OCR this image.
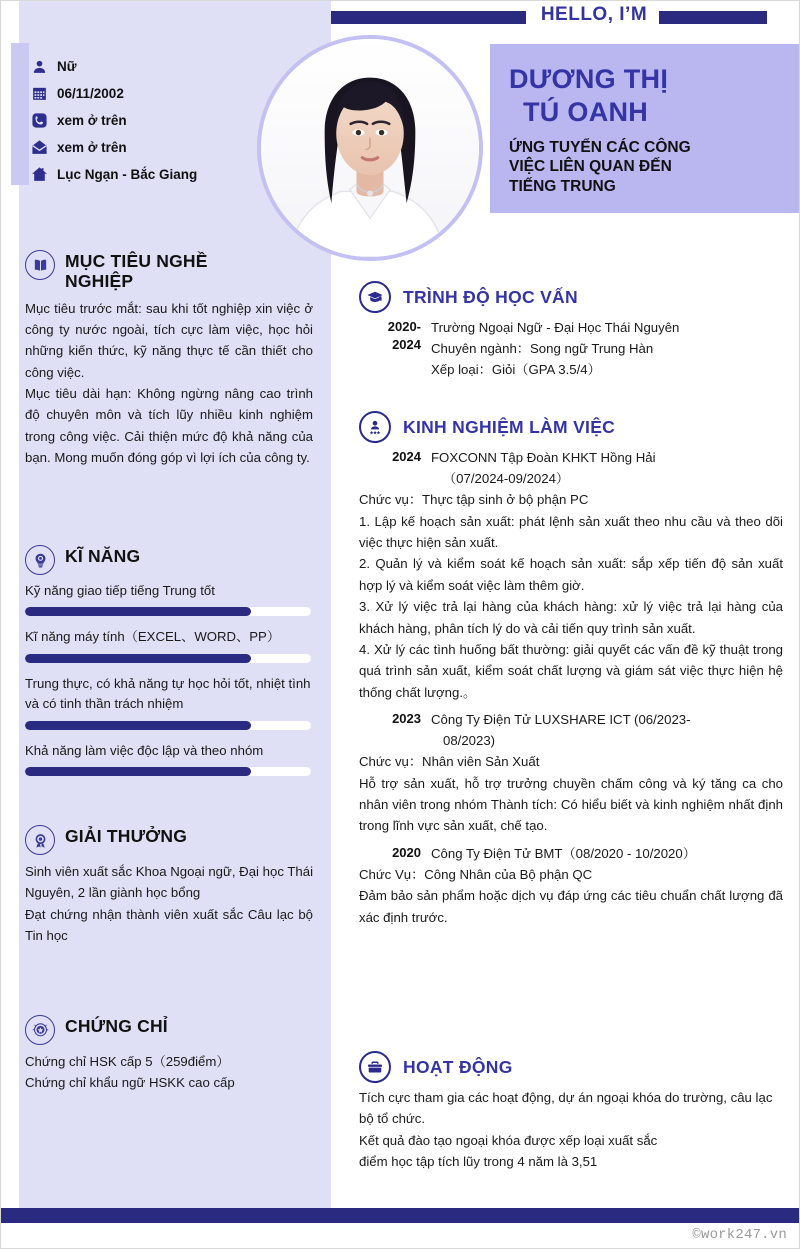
HELLO, I’M
Nữ
06/11/2002
xem ở trên
xem ở trên
Lục Ngạn - Bắc Giang
DƯƠNG THỊ
TÚ OANH
ỨNG TUYỂN CÁC CÔNG
VIỆC LIÊN QUAN ĐẾN
TIẾNG TRUNG
MỤC TIÊU NGHỀ
NGHIỆP

Mục tiêu trước mắt: sau khi tốt nghiệp xin việc ở công ty nước ngoài, tích cực làm việc, học hỏi những kiến thức, kỹ năng thực tế cần thiết cho công việc.

Mục tiêu dài hạn: Không ngừng nâng cao trình độ chuyên môn và tích lũy nhiều kinh nghiệm trong công việc. Cải thiện mức độ khả năng của bạn. Mong muốn đóng góp vì lợi ích của công ty.

KĨ NĂNG
Kỹ năng giao tiếp tiếng Trung tốt
Kĩ năng máy tính（EXCEL、WORD、PP）
Trung thực, có khả năng tự học hỏi tốt, nhiệt tình và có tinh thần trách nhiệm
Khả năng làm việc độc lập và theo nhóm
GIẢI THƯỞNG

Sinh viên xuất sắc Khoa Ngoại ngữ, Đại học Thái Nguyên, 2 lần giành học bổng

Đạt chứng nhận thành viên xuất sắc Câu lạc bộ Tin học

CHỨNG CHỈ

Chứng chỉ HSK cấp 5（259điểm）

Chứng chỉ khẩu ngữ HSKK cao cấp

TRÌNH ĐỘ HỌC VẤN
2020-
2024
Trường Ngoại Ngữ - Đại Học Thái Nguyên
Chuyên ngành：Song ngữ Trung Hàn
Xếp loại：Giỏi（GPA 3.5/4）
KINH NGHIỆM LÀM VIỆC
2024 FOXCONN Tập Đoàn KHKT Hồng Hải
（07/2024-09/2024）

Chức vụ：Thực tập sinh ở bộ phận PC

1. Lập kế hoạch sản xuất: phát lệnh sản xuất theo nhu cầu và theo dõi việc thực hiện sản xuất.

2. Quản lý và kiểm soát kế hoạch sản xuất: sắp xếp tiến độ sản xuất hợp lý và kiểm soát việc làm thêm giờ.

3. Xử lý việc trả lại hàng của khách hàng: xử lý việc trả lại hàng của khách hàng, phân tích lý do và cải tiến quy trình sản xuất.

4. Xử lý các tình huống bất thường: giải quyết các vấn đề kỹ thuật trong quá trình sản xuất, kiểm soát chất lượng và giám sát việc thực hiện hệ thống chất lượng.。

2023 Công Ty Điện Tử LUXSHARE ICT (06/2023-
08/2023)

Chức vụ：Nhân viên Sản Xuất

Hỗ trợ sản xuất, hỗ trợ trưởng chuyền chấm công và ký tăng ca cho nhân viên trong nhóm Thành tích: Có hiểu biết và kinh nghiệm nhất định trong lĩnh vực sản xuất, chế tạo.

2020 Công Ty Điện Tử BMT（08/2020 - 10/2020）

Chức Vụ：Công Nhân của Bộ phận QC

Đảm bảo sản phẩm hoặc dịch vụ đáp ứng các tiêu chuẩn chất lượng đã xác định trước.

HOẠT ĐỘNG

Tích cực tham gia các hoạt động, dự án ngoại khóa do trường, câu lạc bộ tổ chức.

Kết quả đào tạo ngoại khóa được xếp loại xuất sắc

điểm học tập tích lũy trong 4 năm là 3,51

©work247.vn
